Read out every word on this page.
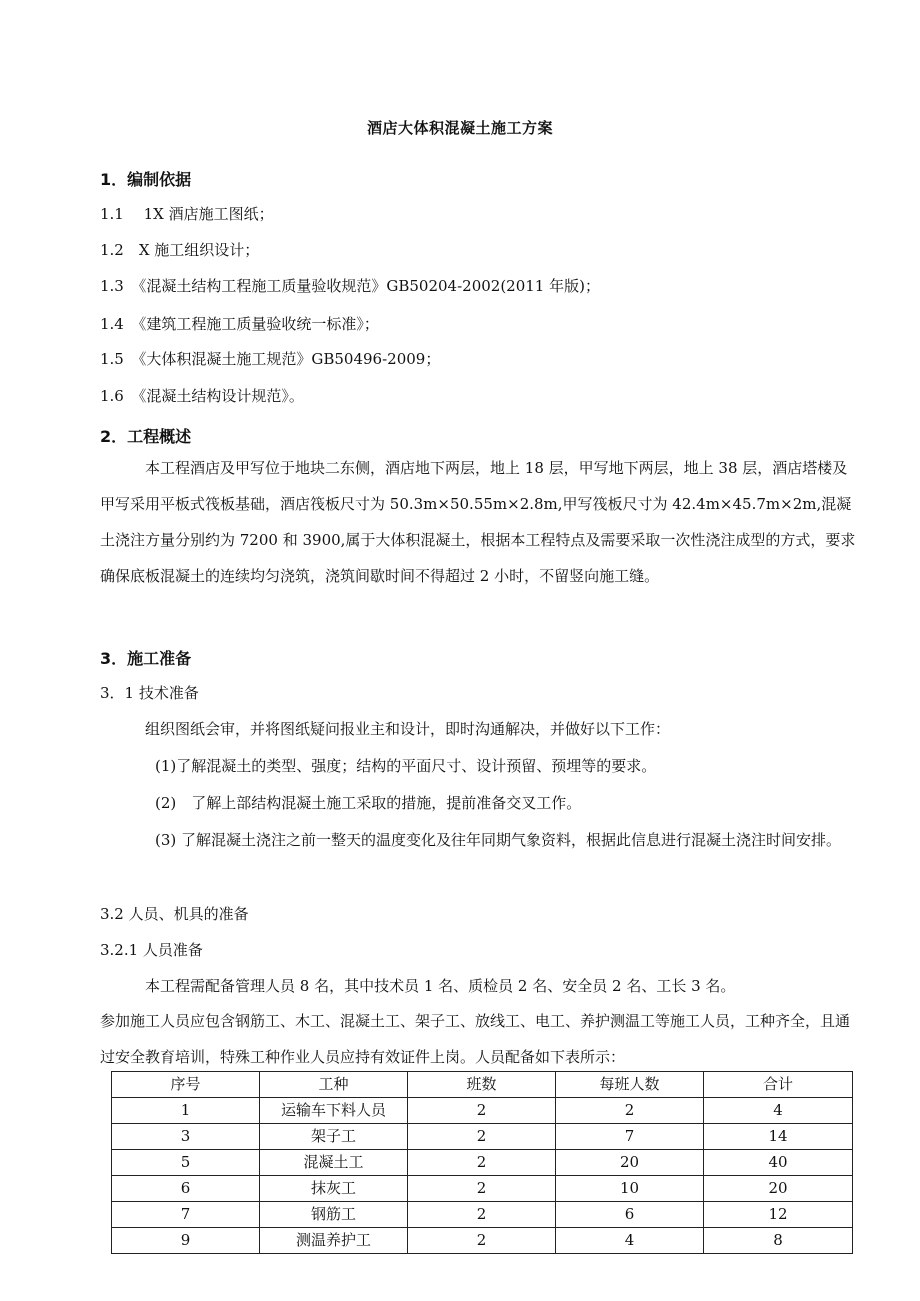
酒店大体积混凝土施工方案
1．编制依据
1.1　 1X 酒店施工图纸；
1.2　X 施工组织设计；
1.3　《混凝土结构工程施工质量验收规范》GB50204-2002(2011 年版)；
1.4　《建筑工程施工质量验收统一标准》；
1.5　《大体积混凝土施工规范》GB50496-2009；
1.6　《混凝土结构设计规范》。
2．工程概述
本工程酒店及甲写位于地块二东侧，酒店地下两层，地上 18 层，甲写地下两层，地上 38 层，酒店塔楼及甲写采用平板式筏板基础，酒店筏板尺寸为 50.3m×50.55m×2.8m,甲写筏板尺寸为 42.4m×45.7m×2m,混凝土浇注方量分别约为 7200 和 3900,属于大体积混凝土，根据本工程特点及需要采取一次性浇注成型的方式，要求确保底板混凝土的连续均匀浇筑，浇筑间歇时间不得超过 2 小时，不留竖向施工缝。
3．施工准备
3．1 技术准备
组织图纸会审，并将图纸疑问报业主和设计，即时沟通解决，并做好以下工作：
(1)了解混凝土的类型、强度；结构的平面尺寸、设计预留、预埋等的要求。
(2)　了解上部结构混凝土施工采取的措施，提前准备交叉工作。
(3) 了解混凝土浇注之前一整天的温度变化及往年同期气象资料，根据此信息进行混凝土浇注时间安排。
3.2 人员、机具的准备
3.2.1 人员准备
本工程需配备管理人员 8 名，其中技术员 1 名、质检员 2 名、安全员 2 名、工长 3 名。
参加施工人员应包含钢筋工、木工、混凝土工、架子工、放线工、电工、养护测温工等施工人员，工种齐全，且通过安全教育培训，特殊工种作业人员应持有效证件上岗。人员配备如下表所示：
序号	工种	班数	每班人数	合计
1	运输车下料人员	2	2	4
3	架子工	2	7	14
5	混凝土工	2	20	40
6	抹灰工	2	10	20
7	钢筋工	2	6	12
9	测温养护工	2	4	8
